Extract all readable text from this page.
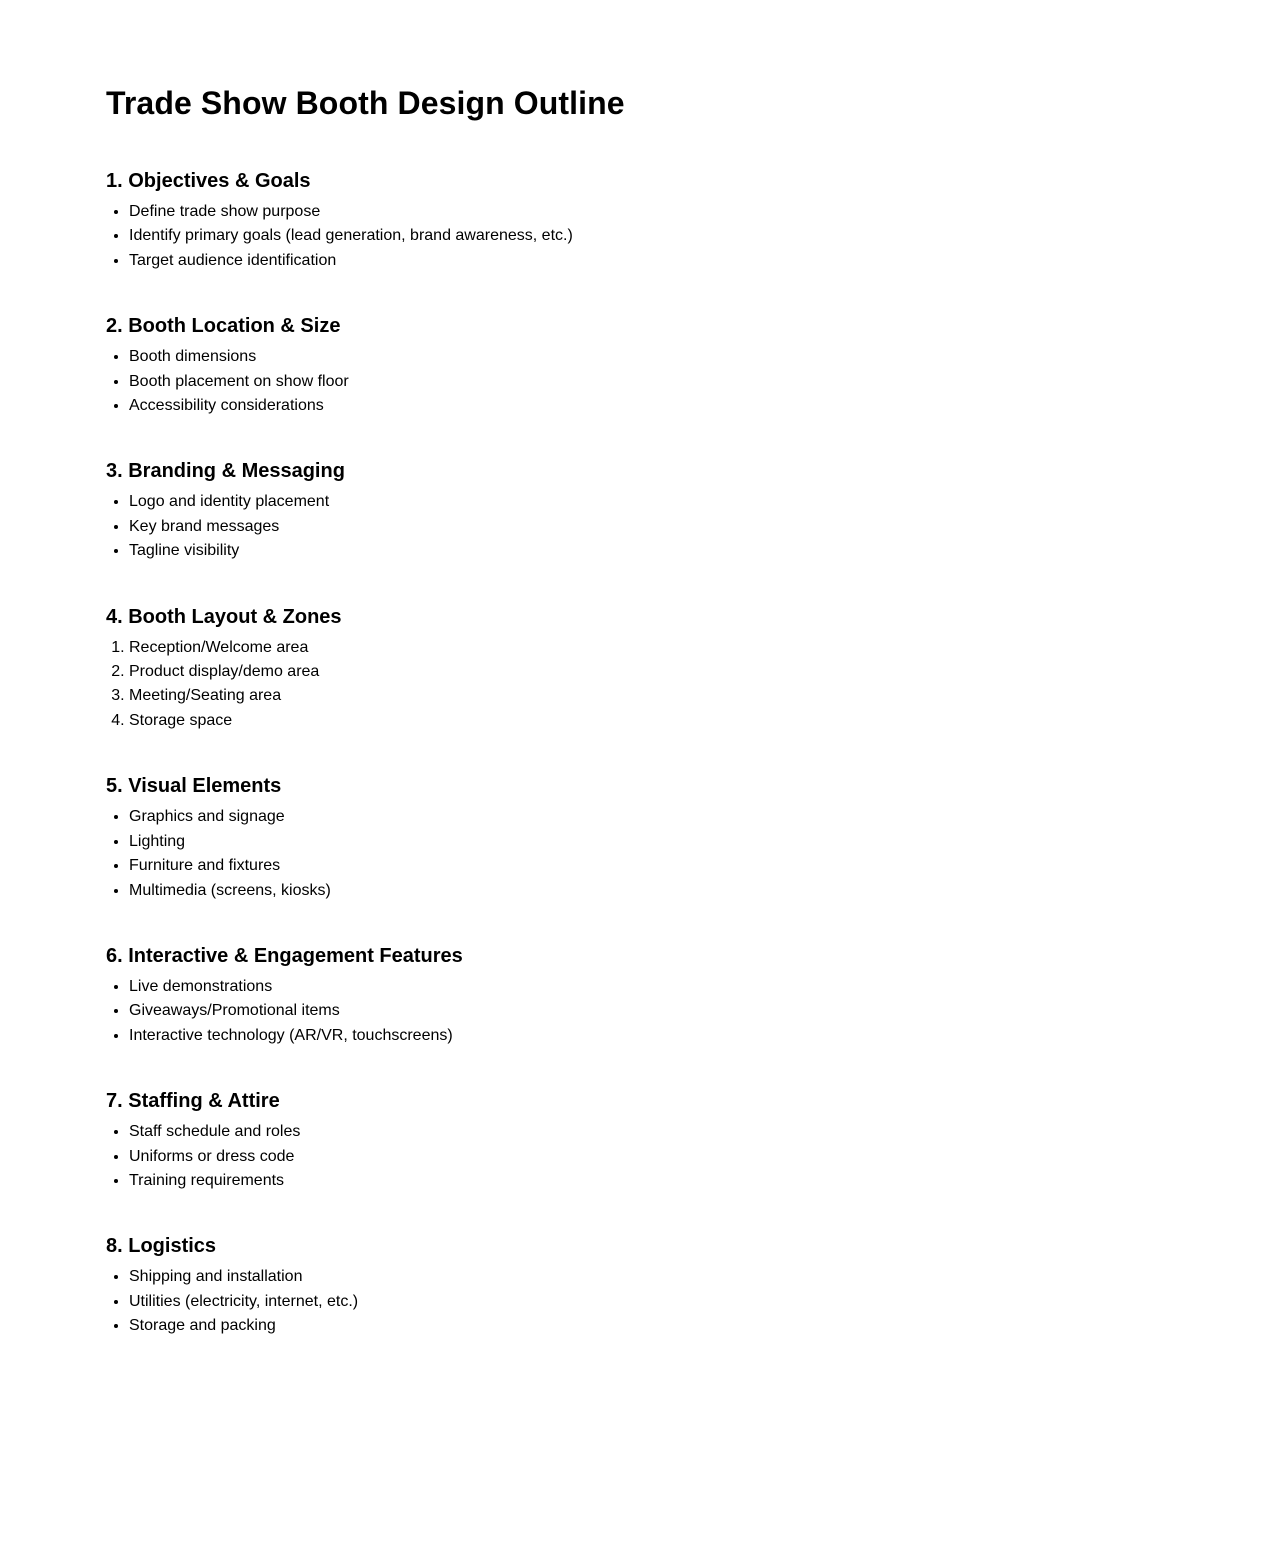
Trade Show Booth Design Outline
1. Objectives & Goals
• Define trade show purpose
• Identify primary goals (lead generation, brand awareness, etc.)
• Target audience identification
2. Booth Location & Size
• Booth dimensions
• Booth placement on show floor
• Accessibility considerations
3. Branding & Messaging
• Logo and identity placement
• Key brand messages
• Tagline visibility
4. Booth Layout & Zones
1. Reception/Welcome area
2. Product display/demo area
3. Meeting/Seating area
4. Storage space
5. Visual Elements
• Graphics and signage
• Lighting
• Furniture and fixtures
• Multimedia (screens, kiosks)
6. Interactive & Engagement Features
• Live demonstrations
• Giveaways/Promotional items
• Interactive technology (AR/VR, touchscreens)
7. Staffing & Attire
• Staff schedule and roles
• Uniforms or dress code
• Training requirements
8. Logistics
• Shipping and installation
• Utilities (electricity, internet, etc.)
• Storage and packing
